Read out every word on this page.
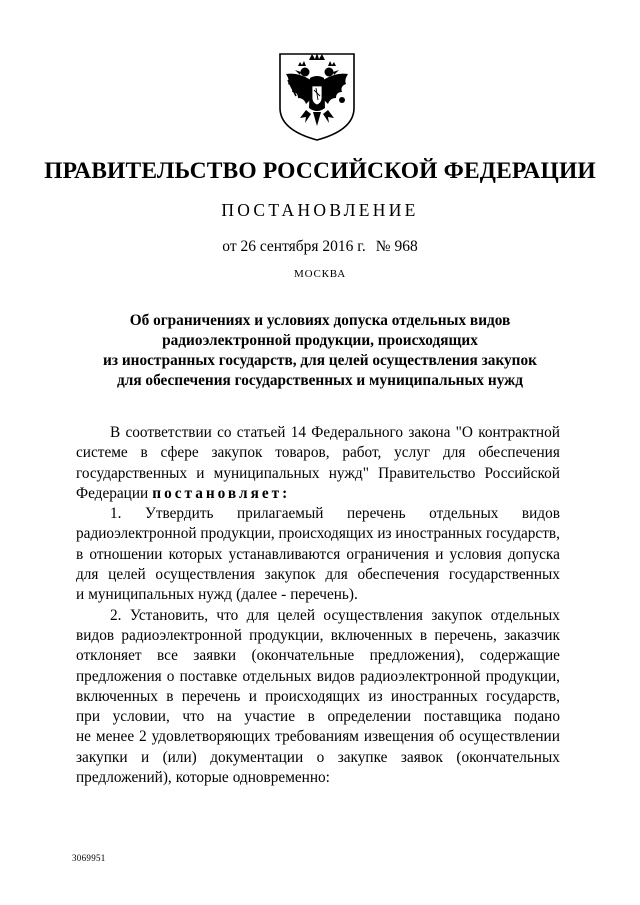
ПРАВИТЕЛЬСТВО РОССИЙСКОЙ ФЕДЕРАЦИИ
ПОСТАНОВЛЕНИЕ
от 26 сентября 2016 г. № 968
МОСКВА
Об ограничениях и условиях допуска отдельных видов
радиоэлектронной продукции, происходящих
из иностранных государств, для целей осуществления закупок
для обеспечения государственных и муниципальных нужд
В соответствии со статьей 14 Федерального закона "О контрактной
системе в сфере закупок товаров, работ, услуг для обеспечения
государственных и муниципальных нужд" Правительство Российской
Федерации постановляет:
1. Утвердить прилагаемый перечень отдельных видов
радиоэлектронной продукции, происходящих из иностранных государств,
в отношении которых устанавливаются ограничения и условия допуска
для целей осуществления закупок для обеспечения государственных
и муниципальных нужд (далее - перечень).
2. Установить, что для целей осуществления закупок отдельных
видов радиоэлектронной продукции, включенных в перечень, заказчик
отклоняет все заявки (окончательные предложения), содержащие
предложения о поставке отдельных видов радиоэлектронной продукции,
включенных в перечень и происходящих из иностранных государств,
при условии, что на участие в определении поставщика подано
не менее 2 удовлетворяющих требованиям извещения об осуществлении
закупки и (или) документации о закупке заявок (окончательных
предложений), которые одновременно:
3069951
